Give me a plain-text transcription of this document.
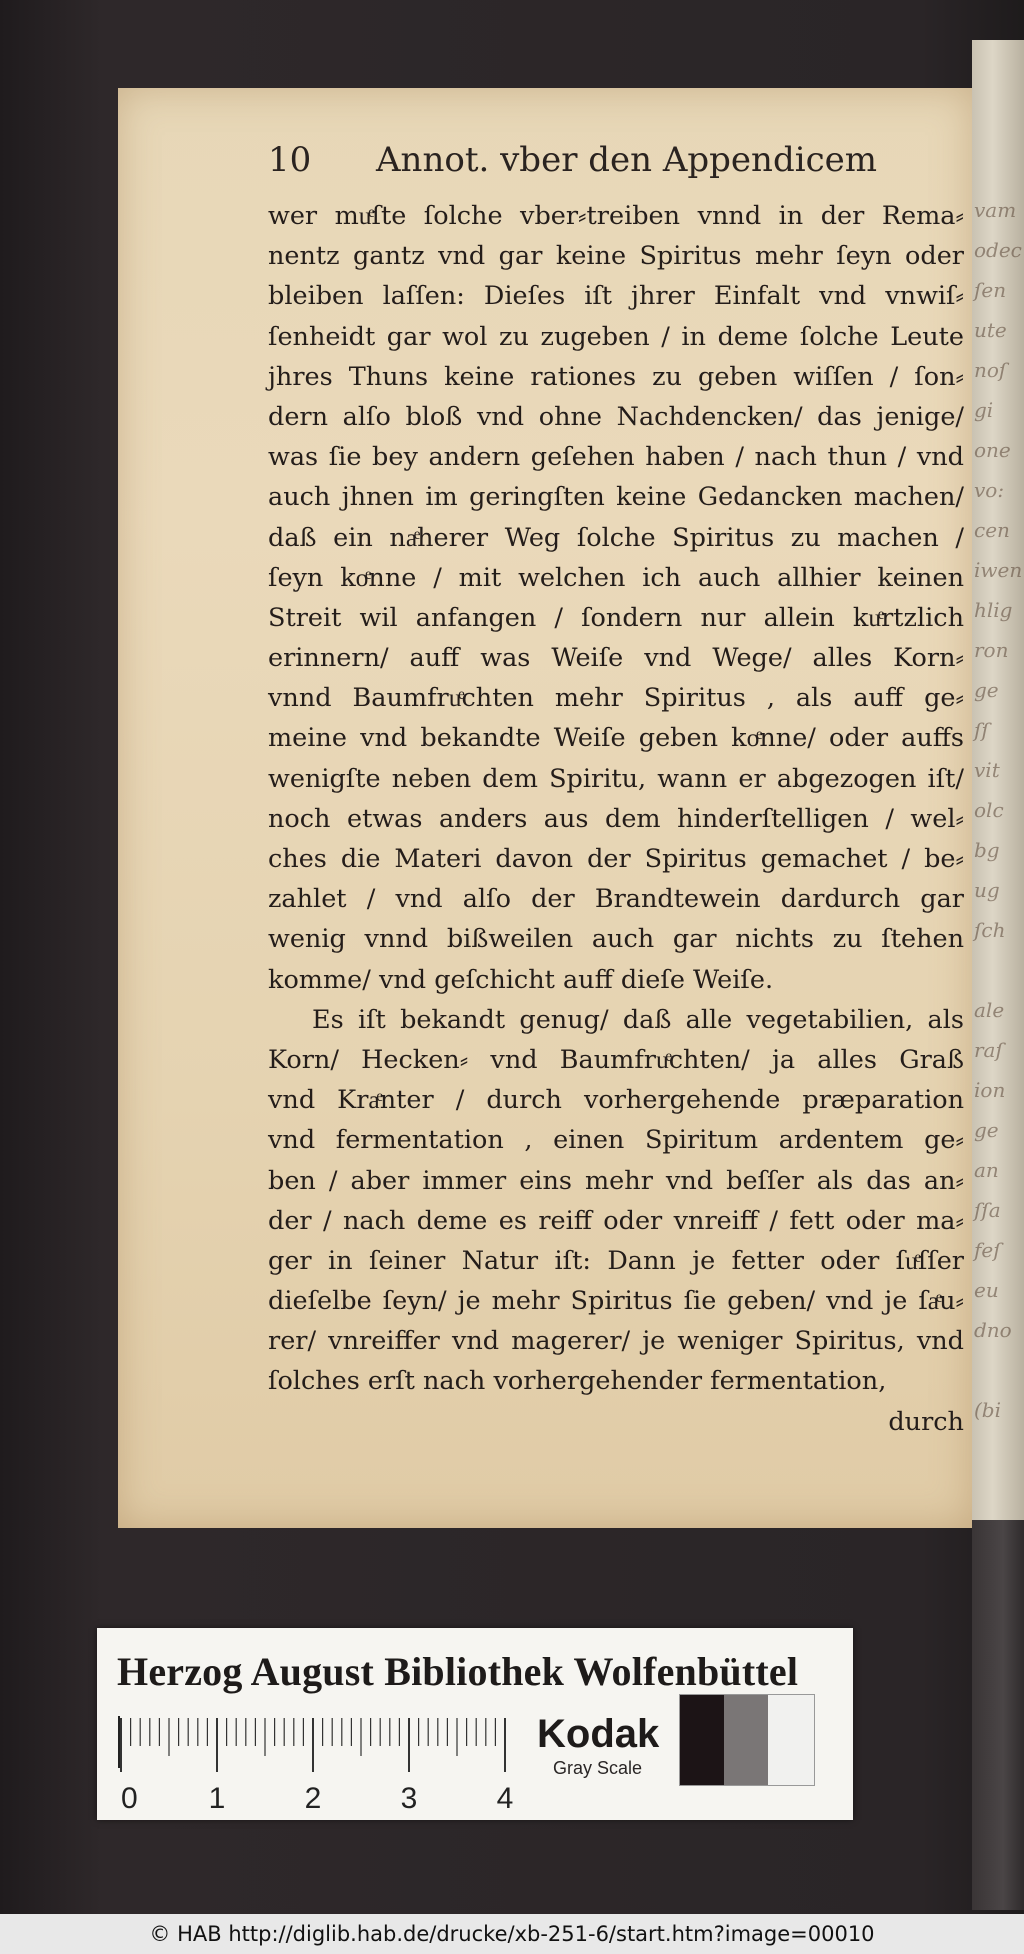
vam
odec
ſen
ute
noſ
gi
one
vo:
cen
iwen
hlig
ron
ge
ſſ
vit
olc
bg
ug
ſch
ale
raſ
ion
ge
an
ſſa
feſ
eu
dno
(bi
10 Annot. vber den Appendicem
wer muͤſte ſolche vber⸗treiben vnnd in der Rema⸗
nentz gantz vnd gar keine Spiritus mehr ſeyn oder
bleiben laſſen: Dieſes iſt jhrer Einfalt vnd vnwiſ⸗
ſenheidt gar wol zu zugeben / in deme ſolche Leute
jhres Thuns keine rationes zu geben wiſſen / ſon⸗
dern alſo bloß vnd ohne Nachdencken/ das jenige/
was ſie bey andern geſehen haben / nach thun / vnd
auch jhnen im geringſten keine Gedancken machen/
daß ein naͤherer Weg ſolche Spiritus zu machen /
ſeyn koͤnne / mit welchen ich auch allhier keinen
Streit wil anfangen / ſondern nur allein kuͤrtzlich
erinnern/ auff was Weiſe vnd Wege/ alles Korn⸗
vnnd Baumfruͤchten mehr Spiritus , als auff ge⸗
meine vnd bekandte Weiſe geben koͤnne/ oder auffs
wenigſte neben dem Spiritu, wann er abgezogen iſt/
noch etwas anders aus dem hinderſtelligen / wel⸗
ches die Materi davon der Spiritus gemachet / be⸗
zahlet / vnd alſo der Brandtewein dardurch gar
wenig vnnd bißweilen auch gar nichts zu ſtehen
komme/ vnd geſchicht auff dieſe Weiſe.
Es iſt bekandt genug/ daß alle vegetabilien, als
Korn/ Hecken⸗ vnd Baumfruͤchten/ ja alles Graß
vnd Kraͤnter / durch vorhergehende præparation
vnd fermentation , einen Spiritum ardentem ge⸗
ben / aber immer eins mehr vnd beſſer als das an⸗
der / nach deme es reiff oder vnreiff / fett oder ma⸗
ger in ſeiner Natur iſt: Dann je fetter oder ſuͤſſer
dieſelbe ſeyn/ je mehr Spiritus ſie geben/ vnd je ſaͤu⸗
rer/ vnreiffer vnd magerer/ je weniger Spiritus, vnd
ſolches erſt nach vorhergehender fermentation,
durch
Herzog August Bibliothek Wolfenbüttel
0 1	2	3	4
Kodak
Gray Scale
© HAB http://diglib.hab.de/drucke/xb-251-6/start.htm?image=00010
